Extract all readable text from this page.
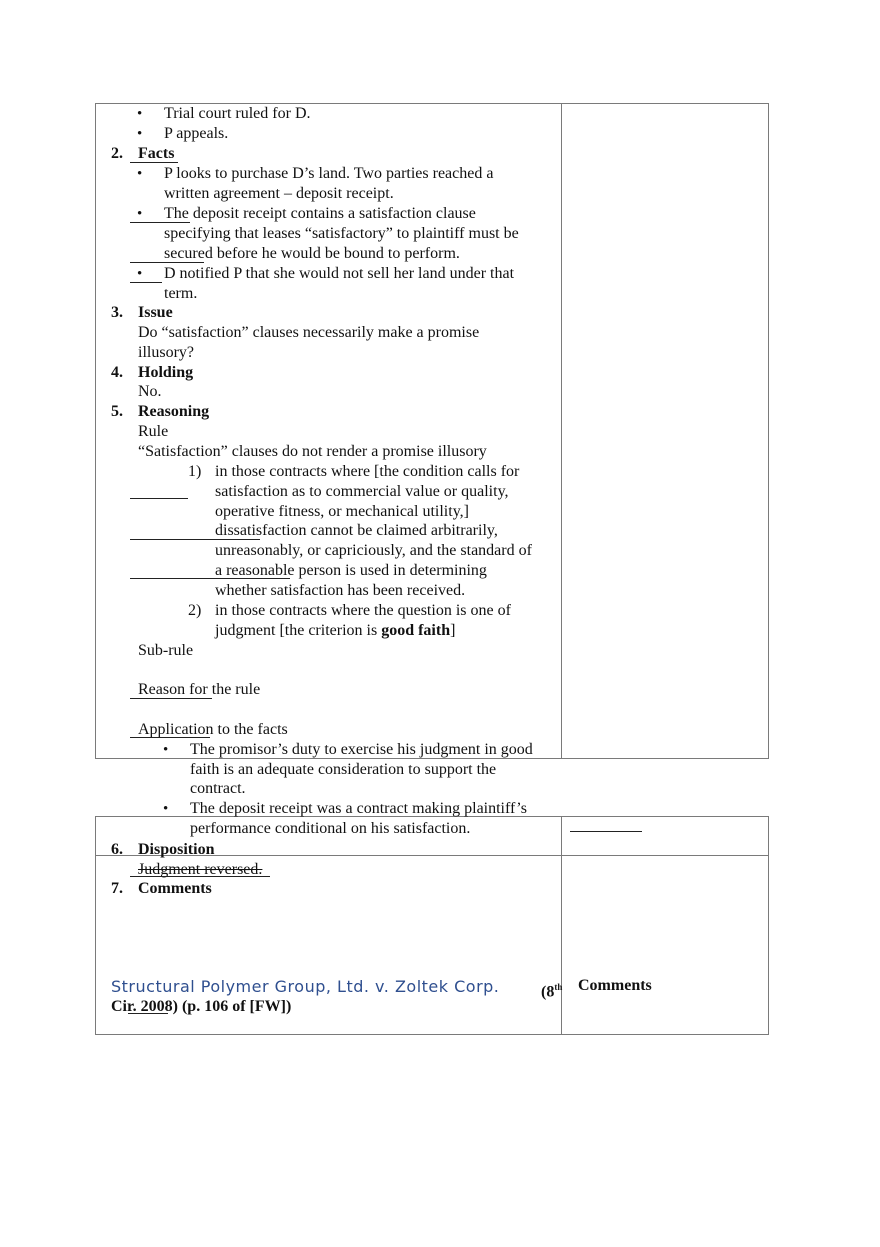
• Trial court ruled for D.
• P appeals.
2. Facts
• P looks to purchase D’s land. Two parties reached a
written agreement – deposit receipt.
• The deposit receipt contains a satisfaction clause
specifying that leases “satisfactory” to plaintiff must be
secured before he would be bound to perform.
• D notified P that she would not sell her land under that
term.
3. Issue
Do “satisfaction” clauses necessarily make a promise
illusory?
4. Holding
No.
5. Reasoning
Rule
“Satisfaction” clauses do not render a promise illusory
1) in those contracts where [the condition calls for
satisfaction as to commercial value or quality,
operative fitness, or mechanical utility,]
dissatisfaction cannot be claimed arbitrarily,
unreasonably, or capriciously, and the standard of
a reasonable person is used in determining
whether satisfaction has been received.
2) in those contracts where the question is one of
judgment [the criterion is good faith]
Sub-rule
Reason for the rule
Application to the facts
• The promisor’s duty to exercise his judgment in good
faith is an adequate consideration to support the
contract.
• The deposit receipt was a contract making plaintiff’s
performance conditional on his satisfaction.
6. Disposition
Judgment reversed.
7. Comments
Structural Polymer Group, Ltd. v. Zoltek Corp.	(8th
Cir. 2008) (p. 106 of [FW])
Comments
